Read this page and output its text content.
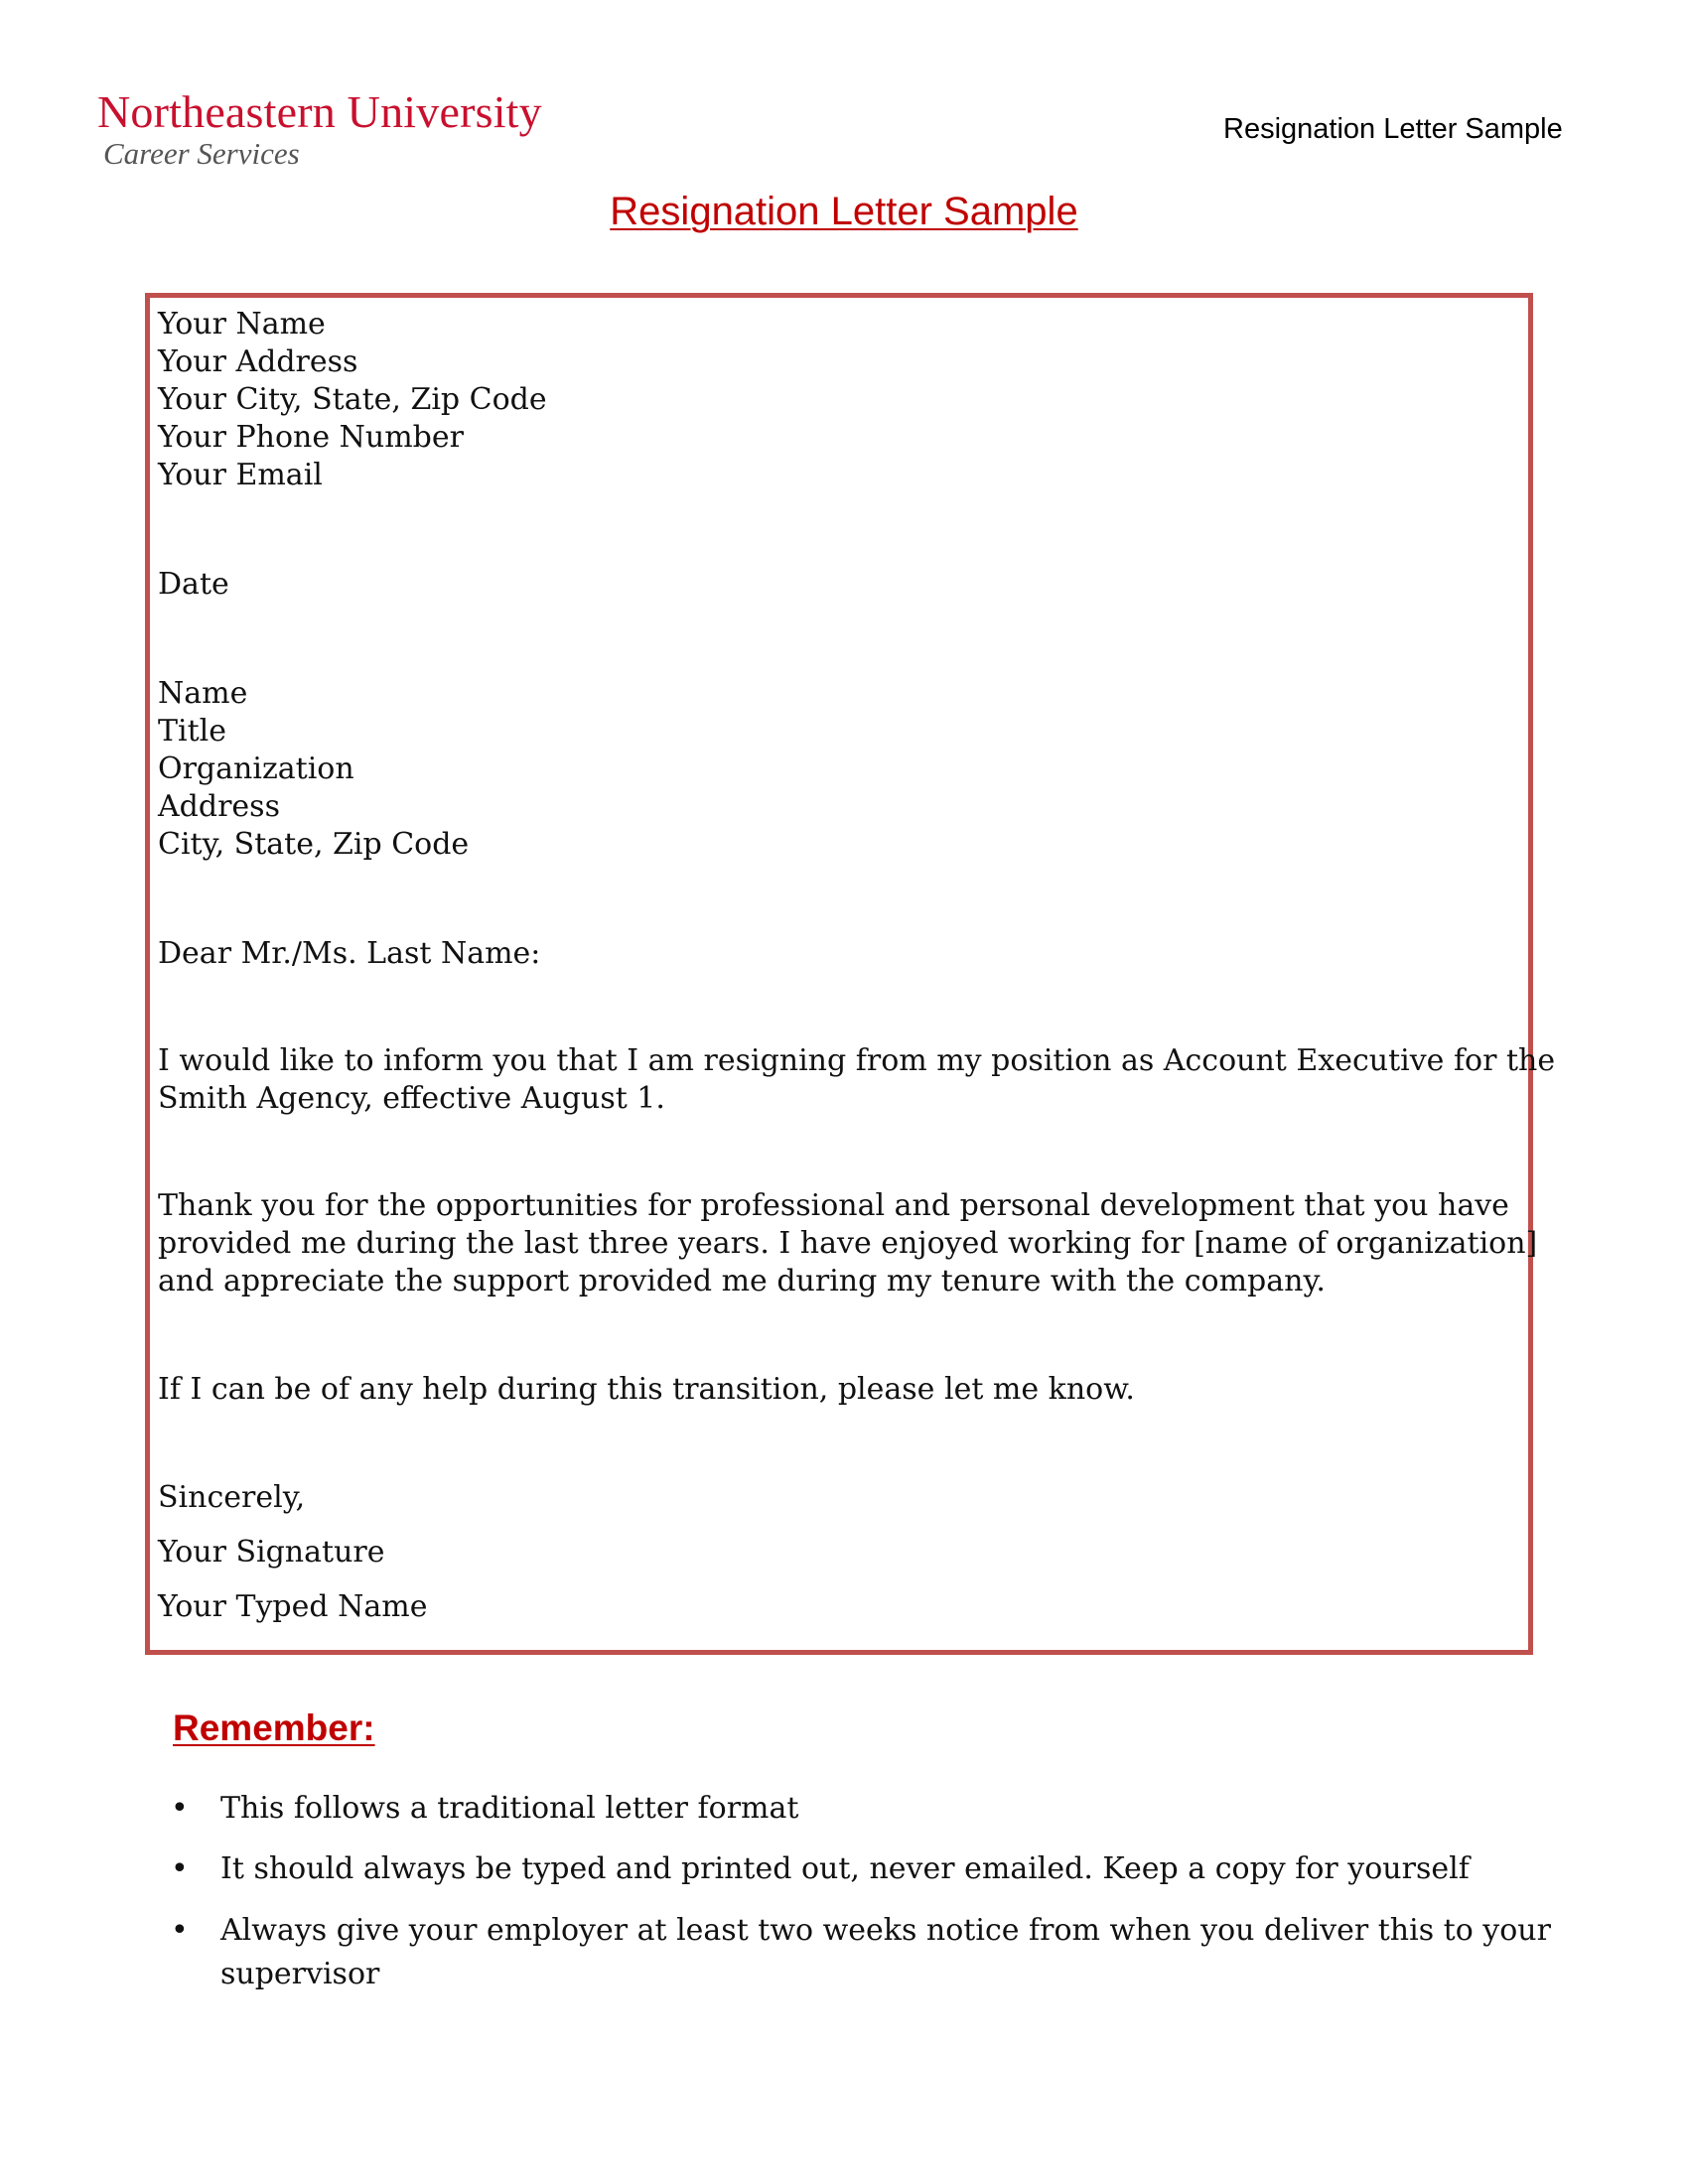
Northeastern University
Career Services
Resignation Letter Sample
Resignation Letter Sample
Your Name
Your Address
Your City, State, Zip Code
Your Phone Number
Your Email
Date
Name
Title
Organization
Address
City, State, Zip Code
Dear Mr./Ms. Last Name:
I would like to inform you that I am resigning from my position as Account Executive for the
Smith Agency, effective August 1.
Thank you for the opportunities for professional and personal development that you have
provided me during the last three years. I have enjoyed working for [name of organization]
and appreciate the support provided me during my tenure with the company.
If I can be of any help during this transition, please let me know.
Sincerely,
Your Signature
Your Typed Name
Remember:
• This follows a traditional letter format
• It should always be typed and printed out, never emailed. Keep a copy for yourself
• Always give your employer at least two weeks notice from when you deliver this to your supervisor
